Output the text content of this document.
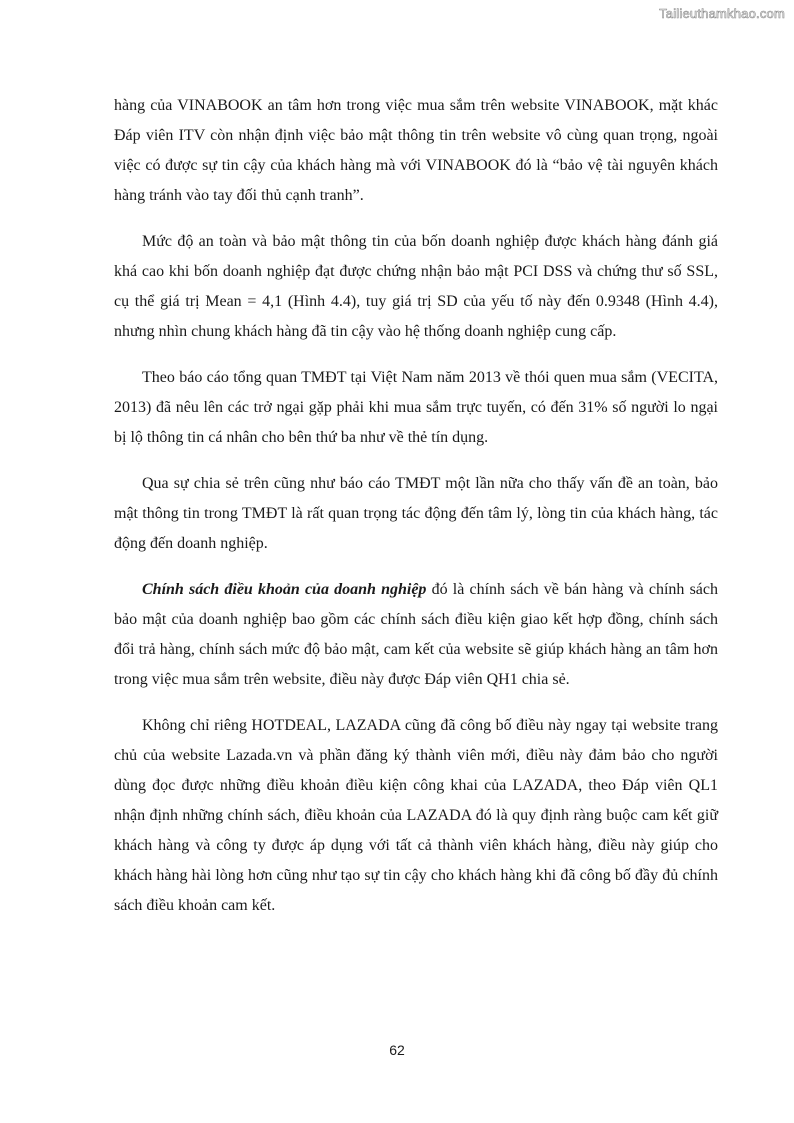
Tailieuthamkhao.com

hàng của VINABOOK an tâm hơn trong việc mua sắm trên website VINABOOK, mặt khác Đáp viên ITV còn nhận định việc bảo mật thông tin trên website vô cùng quan trọng, ngoài việc có được sự tin cậy của khách hàng mà với VINABOOK đó là “bảo vệ tài nguyên khách hàng tránh vào tay đối thủ cạnh tranh”.

Mức độ an toàn và bảo mật thông tin của bốn doanh nghiệp được khách hàng đánh giá khá cao khi bốn doanh nghiệp đạt được chứng nhận bảo mật PCI DSS và chứng thư số SSL, cụ thể giá trị Mean = 4,1 (Hình 4.4), tuy giá trị SD của yếu tố này đến 0.9348 (Hình 4.4), nhưng nhìn chung khách hàng đã tin cậy vào hệ thống doanh nghiệp cung cấp.

Theo báo cáo tổng quan TMĐT tại Việt Nam năm 2013 về thói quen mua sắm (VECITA, 2013) đã nêu lên các trở ngại gặp phải khi mua sắm trực tuyến, có đến 31% số người lo ngại bị lộ thông tin cá nhân cho bên thứ ba như về thẻ tín dụng.

Qua sự chia sẻ trên cũng như báo cáo TMĐT một lần nữa cho thấy vấn đề an toàn, bảo mật thông tin trong TMĐT là rất quan trọng tác động đến tâm lý, lòng tin của khách hàng, tác động đến doanh nghiệp.

Chính sách điều khoản của doanh nghiệp đó là chính sách về bán hàng và chính sách bảo mật của doanh nghiệp bao gồm các chính sách điều kiện giao kết hợp đồng, chính sách đổi trả hàng, chính sách mức độ bảo mật, cam kết của website sẽ giúp khách hàng an tâm hơn trong việc mua sắm trên website, điều này được Đáp viên QH1 chia sẻ.

Không chỉ riêng HOTDEAL, LAZADA cũng đã công bố điều này ngay tại website trang chủ của website Lazada.vn và phần đăng ký thành viên mới, điều này đảm bảo cho người dùng đọc được những điều khoản điều kiện công khai của LAZADA, theo Đáp viên QL1 nhận định những chính sách, điều khoản của LAZADA đó là quy định ràng buộc cam kết giữ khách hàng và công ty được áp dụng với tất cả thành viên khách hàng, điều này giúp cho khách hàng hài lòng hơn cũng như tạo sự tin cậy cho khách hàng khi đã công bố đầy đủ chính sách điều khoản cam kết.

62
